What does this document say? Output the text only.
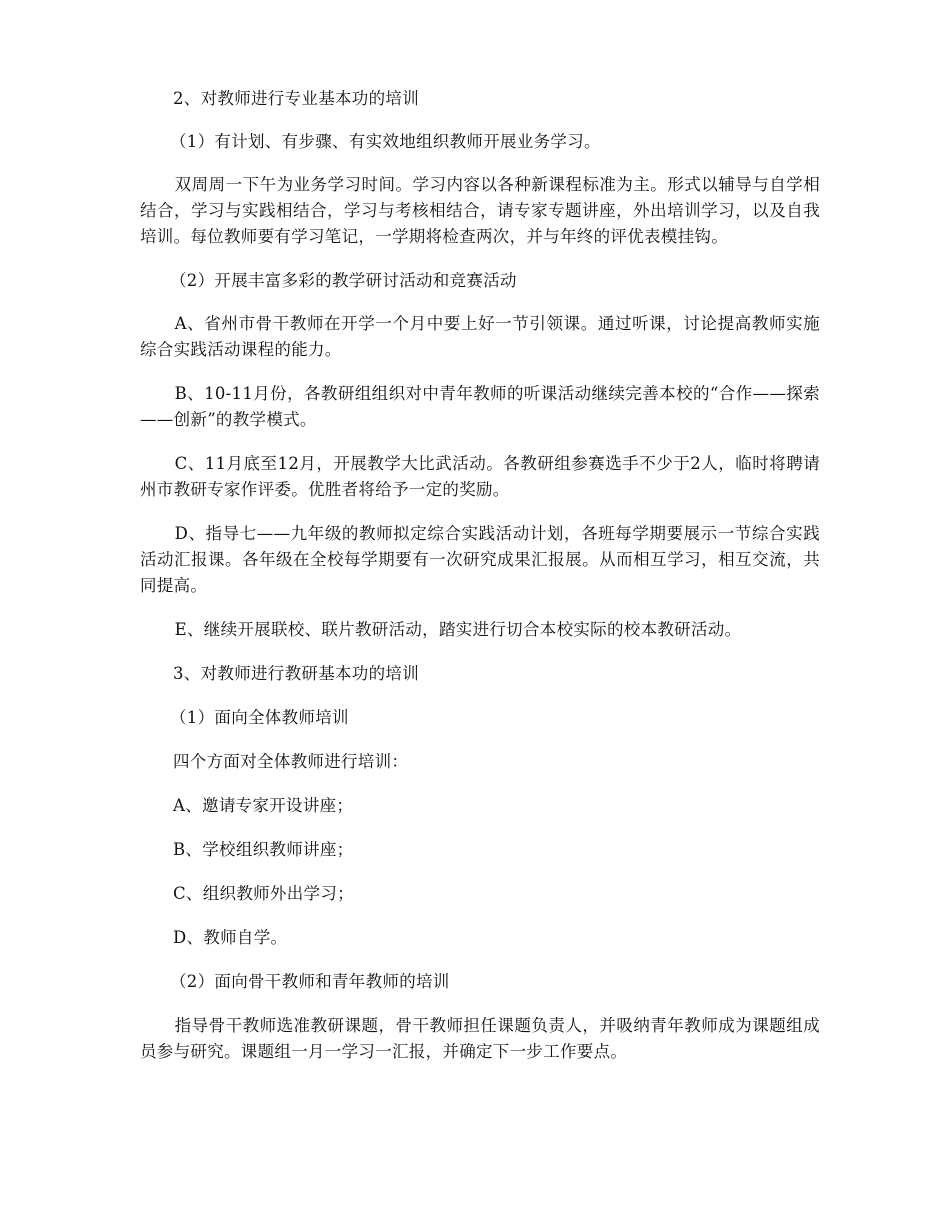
2、对教师进行专业基本功的培训

（1）有计划、有步骤、有实效地组织教师开展业务学习。

双周周一下午为业务学习时间。学习内容以各种新课程标准为主。形式以辅导与自学相结合，学习与实践相结合，学习与考核相结合，请专家专题讲座，外出培训学习，以及自我培训。每位教师要有学习笔记，一学期将检查两次，并与年终的评优表模挂钩。

（2）开展丰富多彩的教学研讨活动和竞赛活动

A、省州市骨干教师在开学一个月中要上好一节引领课。通过听课，讨论提高教师实施综合实践活动课程的能力。

B、10-11月份，各教研组组织对中青年教师的听课活动继续完善本校的“合作——探索——创新”的教学模式。

C、11月底至12月，开展教学大比武活动。各教研组参赛选手不少于2人，临时将聘请州市教研专家作评委。优胜者将给予一定的奖励。

D、指导七——九年级的教师拟定综合实践活动计划，各班每学期要展示一节综合实践活动汇报课。各年级在全校每学期要有一次研究成果汇报展。从而相互学习，相互交流，共同提高。

E、继续开展联校、联片教研活动，踏实进行切合本校实际的校本教研活动。

3、对教师进行教研基本功的培训

（1）面向全体教师培训

四个方面对全体教师进行培训：

A、邀请专家开设讲座；

B、学校组织教师讲座；

C、组织教师外出学习；

D、教师自学。

（2）面向骨干教师和青年教师的培训

指导骨干教师选准教研课题，骨干教师担任课题负责人，并吸纳青年教师成为课题组成员参与研究。课题组一月一学习一汇报，并确定下一步工作要点。
